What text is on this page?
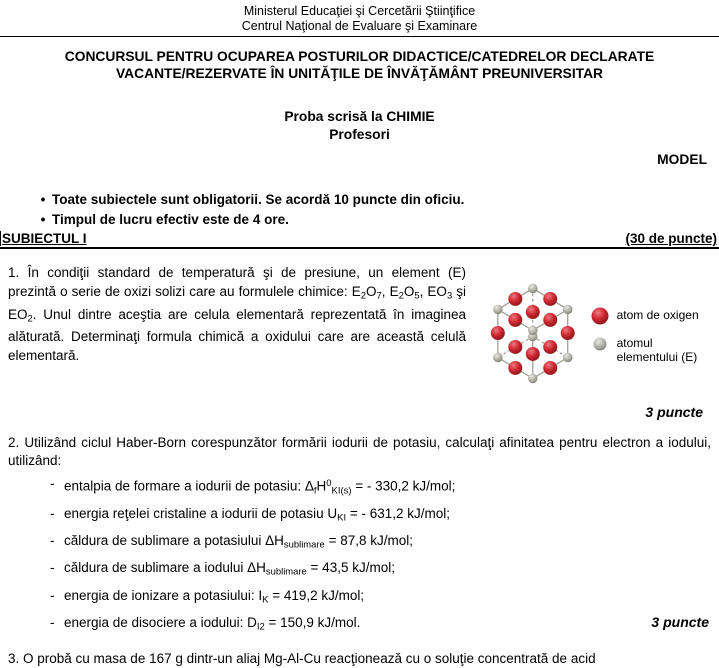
Ministerul Educaţiei şi Cercetării Ştiinţifice
Centrul Naţional de Evaluare şi Examinare
CONCURSUL PENTRU OCUPAREA POSTURILOR DIDACTICE/CATEDRELOR DECLARATE
VACANTE/REZERVATE ÎN UNITĂŢILE DE ÎNVĂŢĂMÂNT PREUNIVERSITAR
Proba scrisă la CHIMIE
Profesori
MODEL
• Toate subiectele sunt obligatorii. Se acordă 10 puncte din oficiu.
• Timpul de lucru efectiv este de 4 ore.
SUBIECTUL I	(30 de puncte)
1. În condiţii standard de temperatură şi de presiune, un element (E) prezintă o serie de oxizi solizi care au formulele chimice: E2O7, E2O5, EO3 şi EO2. Unul dintre aceştia are celula elementară reprezentată în imaginea alăturată. Determinaţi formula chimică a oxidului care are această celulă elementară.
atom de oxigen
atomul elementului (E)
3 puncte
2. Utilizând ciclul Haber-Born corespunzător formării iodurii de potasiu, calculaţi afinitatea pentru electron a iodului, utilizând:
- entalpia de formare a iodurii de potasiu: ΔfH$^0$KI(s) = - 330,2 kJ/mol;
- energia reţelei cristaline a iodurii de potasiu UKI = - 631,2 kJ/mol;
- căldura de sublimare a potasiului ΔHsublimare = 87,8 kJ/mol;
- căldura de sublimare a iodului ΔHsublimare = 43,5 kJ/mol;
- energia de ionizare a potasiului: IK = 419,2 kJ/mol;
- energia de disociere a iodului: DI2 = 150,9 kJ/mol.	3 puncte
3. O probă cu masa de 167 g dintr-un aliaj Mg-Al-Cu reacţionează cu o soluţie concentrată de acid
